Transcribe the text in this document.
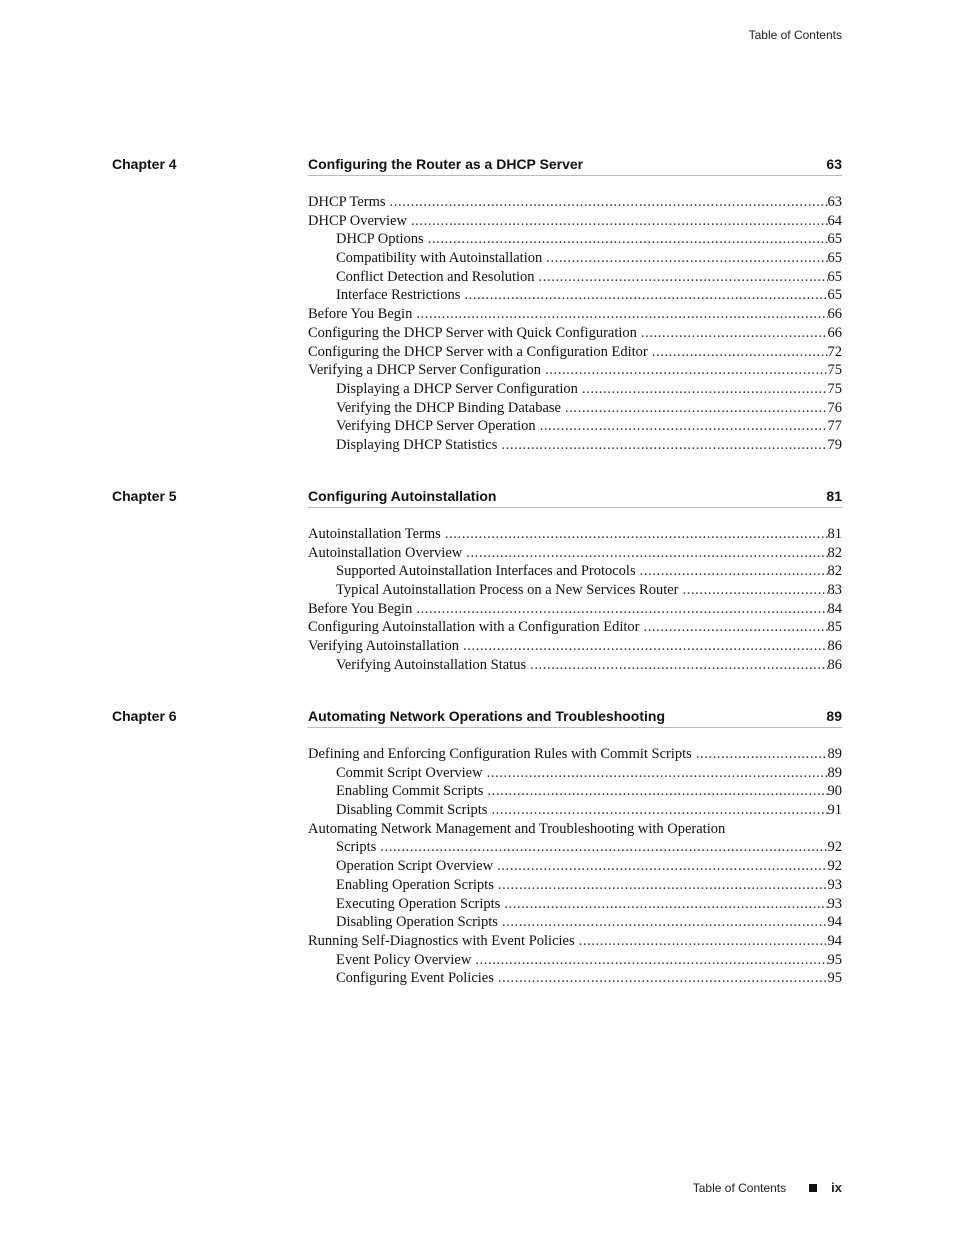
Table of Contents
Chapter 4	Configuring the Router as a DHCP Server	63
DHCP Terms .....	63
DHCP Overview .....	64
DHCP Options .....	65
Compatibility with Autoinstallation .....	65
Conflict Detection and Resolution .....	65
Interface Restrictions .....	65
Before You Begin .....	66
Configuring the DHCP Server with Quick Configuration .....	66
Configuring the DHCP Server with a Configuration Editor .....	72
Verifying a DHCP Server Configuration .....	75
Displaying a DHCP Server Configuration .....	75
Verifying the DHCP Binding Database .....	76
Verifying DHCP Server Operation .....	77
Displaying DHCP Statistics .....	79
Chapter 5	Configuring Autoinstallation	81
Autoinstallation Terms .....	81
Autoinstallation Overview .....	82
Supported Autoinstallation Interfaces and Protocols .....	82
Typical Autoinstallation Process on a New Services Router .....	83
Before You Begin .....	84
Configuring Autoinstallation with a Configuration Editor .....	85
Verifying Autoinstallation .....	86
Verifying Autoinstallation Status .....	86
Chapter 6	Automating Network Operations and Troubleshooting	89
Defining and Enforcing Configuration Rules with Commit Scripts .....	89
Commit Script Overview .....	89
Enabling Commit Scripts .....	90
Disabling Commit Scripts .....	91
Automating Network Management and Troubleshooting with Operation
Scripts .....	92
Operation Script Overview .....	92
Enabling Operation Scripts .....	93
Executing Operation Scripts .....	93
Disabling Operation Scripts .....	94
Running Self-Diagnostics with Event Policies .....	94
Event Policy Overview .....	95
Configuring Event Policies .....	95
Table of Contents	ix
